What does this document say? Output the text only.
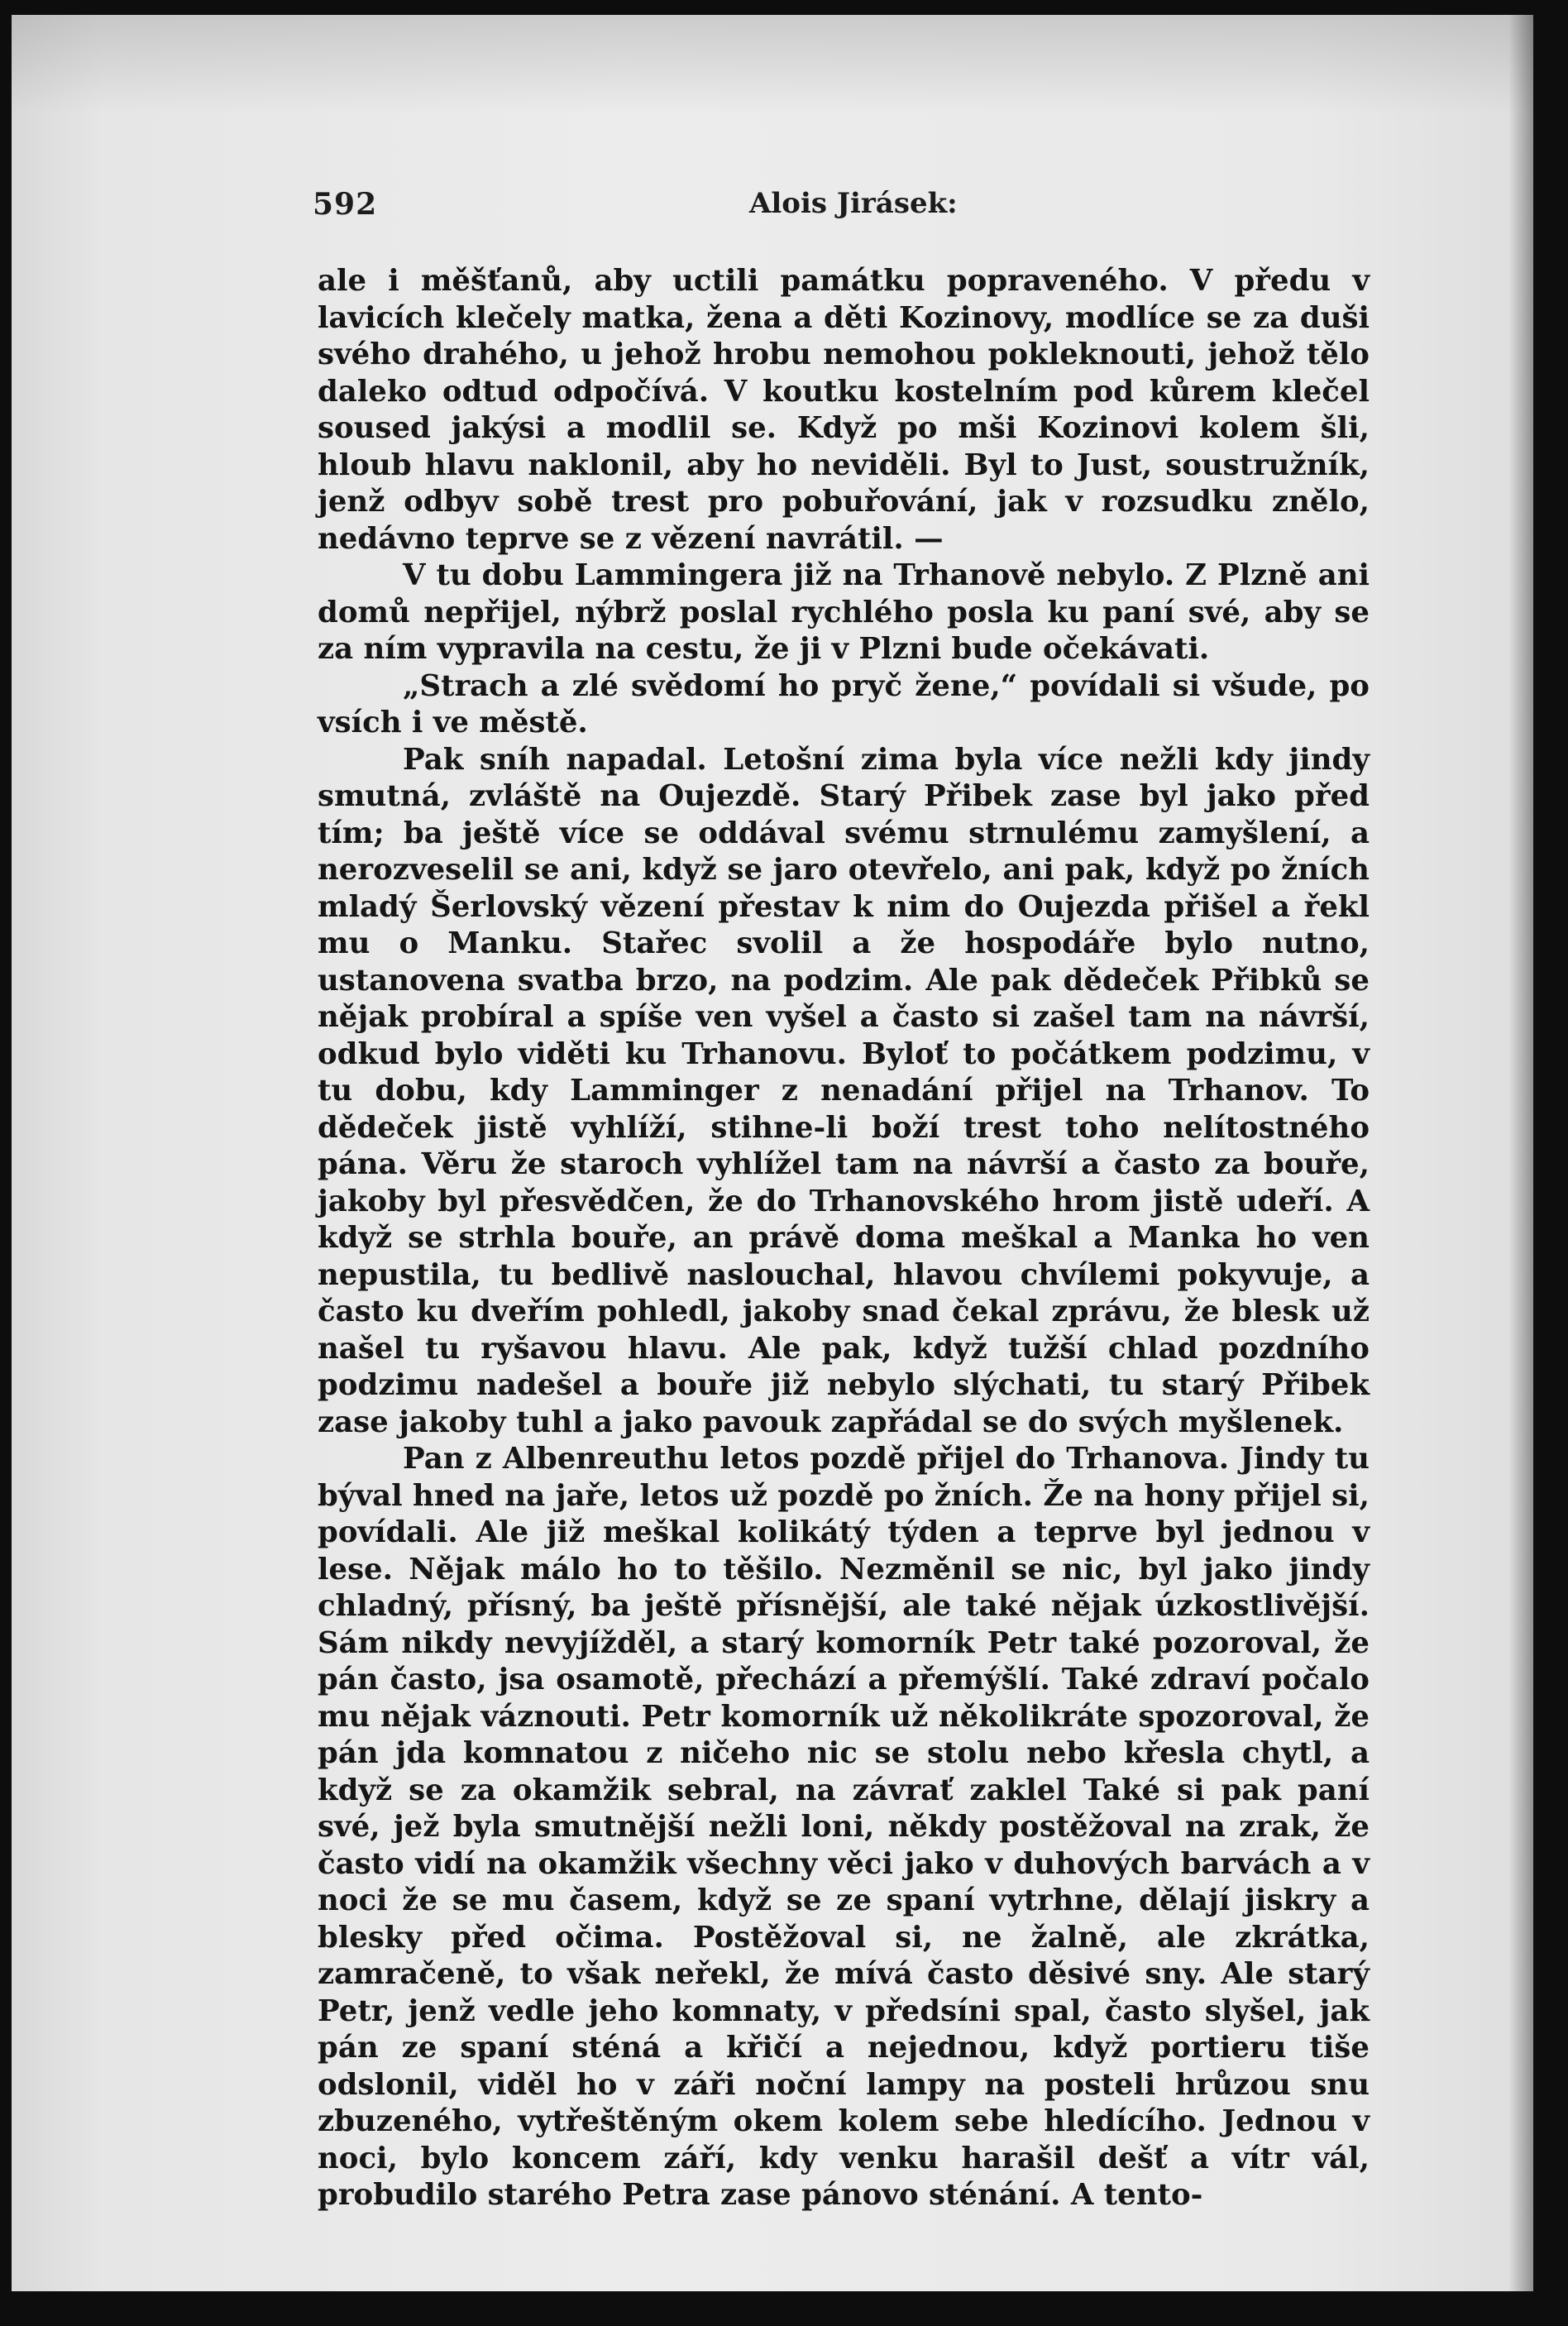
592	Alois Jirásek:

ale i měšťanů, aby uctili památku popraveného. V předu v lavicích klečely matka, žena a děti Kozinovy, modlíce se za duši svého drahého, u jehož hrobu nemohou pokleknouti, jehož tělo daleko odtud odpočívá. V koutku kostelním pod kůrem klečel soused jakýsi a modlil se. Když po mši Kozinovi kolem šli, hloub hlavu naklonil, aby ho neviděli. Byl to Just, soustružník, jenž odbyv sobě trest pro pobuřování, jak v rozsudku znělo, nedávno teprve se z vězení navrátil. —

V tu dobu Lammingera již na Trhanově nebylo. Z Plzně ani domů nepřijel, nýbrž poslal rychlého posla ku paní své, aby se za ním vypravila na cestu, že ji v Plzni bude očekávati.

„Strach a zlé svědomí ho pryč žene,“ povídali si všude, po vsích i ve městě.

Pak sníh napadal. Letošní zima byla více nežli kdy jindy smutná, zvláště na Oujezdě. Starý Přibek zase byl jako před tím; ba ještě více se oddával svému strnulému zamyšlení, a nerozveselil se ani, když se jaro otevřelo, ani pak, když po žních mladý Šerlovský vězení přestav k nim do Oujezda přišel a řekl mu o Manku. Stařec svolil a že hospodáře bylo nutno, ustanovena svatba brzo, na podzim. Ale pak dědeček Přibků se nějak probíral a spíše ven vyšel a často si zašel tam na návrší, odkud bylo viděti ku Trhanovu. Byloť to počátkem podzimu, v tu dobu, kdy Lamminger z nenadání přijel na Trhanov. To dědeček jistě vyhlíží, stihne-li boží trest toho nelítostného pána. Věru že staroch vyhlížel tam na návrší a často za bouře, jakoby byl přesvědčen, že do Trhanovského hrom jistě udeří. A když se strhla bouře, an právě doma meškal a Manka ho ven nepustila, tu bedlivě naslouchal, hlavou chvílemi pokyvuje, a často ku dveřím pohledl, jakoby snad čekal zprávu, že blesk už našel tu ryšavou hlavu. Ale pak, když tužší chlad pozdního podzimu nadešel a bouře již nebylo slýchati, tu starý Přibek zase jakoby tuhl a jako pavouk zapřádal se do svých myšlenek.

Pan z Albenreuthu letos pozdě přijel do Trhanova. Jindy tu býval hned na jaře, letos už pozdě po žních. Že na hony přijel si, povídali. Ale již meškal kolikátý týden a teprve byl jednou v lese. Nějak málo ho to těšilo. Nezměnil se nic, byl jako jindy chladný, přísný, ba ještě přísnější, ale také nějak úzkostlivější. Sám nikdy nevyjížděl, a starý komorník Petr také pozoroval, že pán často, jsa osamotě, přechází a přemýšlí. Také zdraví počalo mu nějak váznouti. Petr komorník už několikráte spozoroval, že pán jda komnatou z ničeho nic se stolu nebo křesla chytl, a když se za okamžik sebral, na závrať zaklel Také si pak paní své, jež byla smutnější nežli loni, někdy postěžoval na zrak, že často vidí na okamžik všechny věci jako v duhových barvách a v noci že se mu časem, když se ze spaní vytrhne, dělají jiskry a blesky před očima. Postěžoval si, ne žalně, ale zkrátka, zamračeně, to však neřekl, že mívá často děsivé sny. Ale starý Petr, jenž vedle jeho komnaty, v předsíni spal, často slyšel, jak pán ze spaní sténá a křičí a nejednou, když portieru tiše odslonil, viděl ho v záři noční lampy na posteli hrůzou snu zbuzeného, vytřeštěným okem kolem sebe hledícího. Jednou v noci, bylo koncem září, kdy venku harašil dešť a vítr vál, probudilo starého Petra zase pánovo sténání. A tento-
